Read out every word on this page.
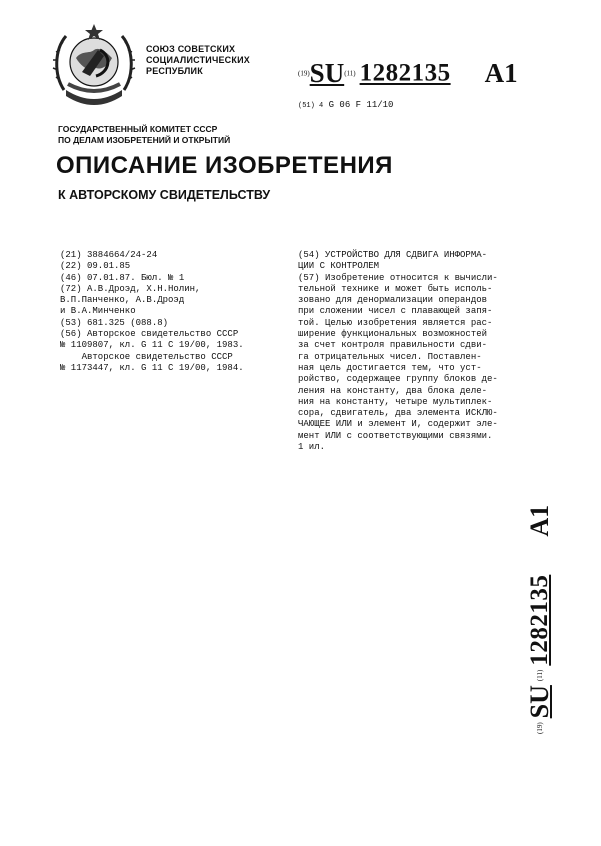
СОЮЗ СОВЕТСКИХ
СОЦИАЛИСТИЧЕСКИХ
РЕСПУБЛИК	(19)SU(11) 1282135 A1
(51) 4 G 06 F 11/10
ГОСУДАРСТВЕННЫЙ КОМИТЕТ СССР
ПО ДЕЛАМ ИЗОБРЕТЕНИЙ И ОТКРЫТИЙ
ОПИСАНИЕ ИЗОБРЕТЕНИЯ
К АВТОРСКОМУ СВИДЕТЕЛЬСТВУ
(21) 3884664/24-24
(22) 09.01.85
(46) 07.01.87. Бюл. № 1
(72) А.В.Дроэд, Х.Н.Нолин,
В.П.Панченко, А.В.Дроэд
и В.А.Минченко
(53) 681.325 (088.8)
(56) Авторское свидетельство СССР
№ 1109807, кл. G 11 C 19/00, 1983.
Авторское свидетельство СССР
№ 1173447, кл. G 11 C 19/00, 1984.
(54) УСТРОЙСТВО ДЛЯ СДВИГА ИНФОРМА-
ЦИИ С КОНТРОЛЕМ
(57) Изобретение относится к вычисли-
тельной технике и может быть исполь-
зовано для денормализации операндов
при сложении чисел с плавающей запя-
той. Целью изобретения является рас-
ширение функциональных возможностей
за счет контроля правильности сдви-
га отрицательных чисел. Поставлен-
ная цель достигается тем, что уст-
ройство, содержащее группу блоков де-
ления на константу, два блока деле-
ния на константу, четыре мультиплек-
сора, сдвигатель, два элемента ИСКЛЮ-
ЧАЮЩЕЕ ИЛИ и элемент И, содержит эле-
мент ИЛИ с соответствующими связями.
1 ил.
(19) SU (11) 1282135 A1
